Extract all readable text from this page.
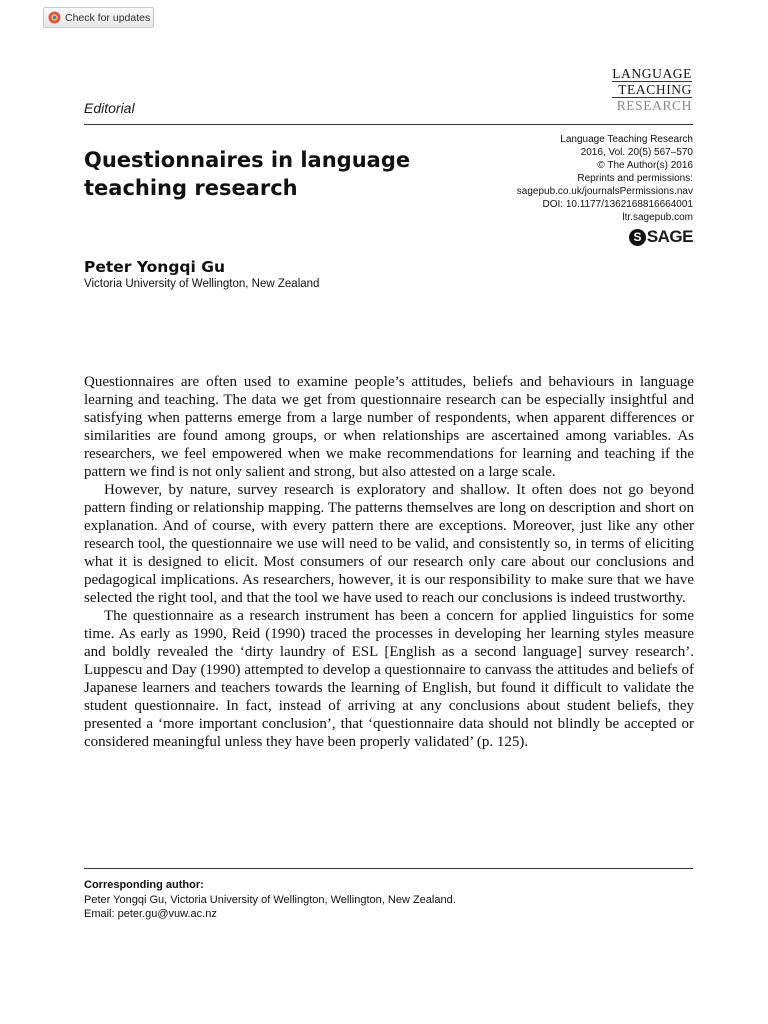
Check for updates
LANGUAGE
TEACHING
RESEARCH
Editorial
Questionnaires in language teaching research
Language Teaching Research
2016, Vol. 20(5) 567–570
© The Author(s) 2016
Reprints and permissions:
sagepub.co.uk/journalsPermissions.nav
DOI: 10.1177/1362168816664001
ltr.sagepub.com
S SAGE
Peter Yongqi Gu
Victoria University of Wellington, New Zealand

Questionnaires are often used to examine people’s attitudes, beliefs and behaviours in language learning and teaching. The data we get from questionnaire research can be especially insightful and satisfying when patterns emerge from a large number of respondents, when apparent differences or similarities are found among groups, or when relationships are ascertained among variables. As researchers, we feel empowered when we make recommendations for learning and teaching if the pattern we find is not only salient and strong, but also attested on a large scale.

However, by nature, survey research is exploratory and shallow. It often does not go beyond pattern finding or relationship mapping. The patterns themselves are long on description and short on explanation. And of course, with every pattern there are exceptions. Moreover, just like any other research tool, the questionnaire we use will need to be valid, and consistently so, in terms of eliciting what it is designed to elicit. Most consumers of our research only care about our conclusions and pedagogical implications. As researchers, however, it is our responsibility to make sure that we have selected the right tool, and that the tool we have used to reach our conclusions is indeed trustworthy.

The questionnaire as a research instrument has been a concern for applied linguistics for some time. As early as 1990, Reid (1990) traced the processes in developing her learning styles measure and boldly revealed the ‘dirty laundry of ESL [English as a second language] survey research’. Luppescu and Day (1990) attempted to develop a questionnaire to canvass the attitudes and beliefs of Japanese learners and teachers towards the learning of English, but found it difficult to validate the student questionnaire. In fact, instead of arriving at any conclusions about student beliefs, they presented a ‘more important conclusion’, that ‘questionnaire data should not blindly be accepted or considered meaningful unless they have been properly validated’ (p. 125).

Corresponding author:
Peter Yongqi Gu, Victoria University of Wellington, Wellington, New Zealand.
Email: peter.gu@vuw.ac.nz
